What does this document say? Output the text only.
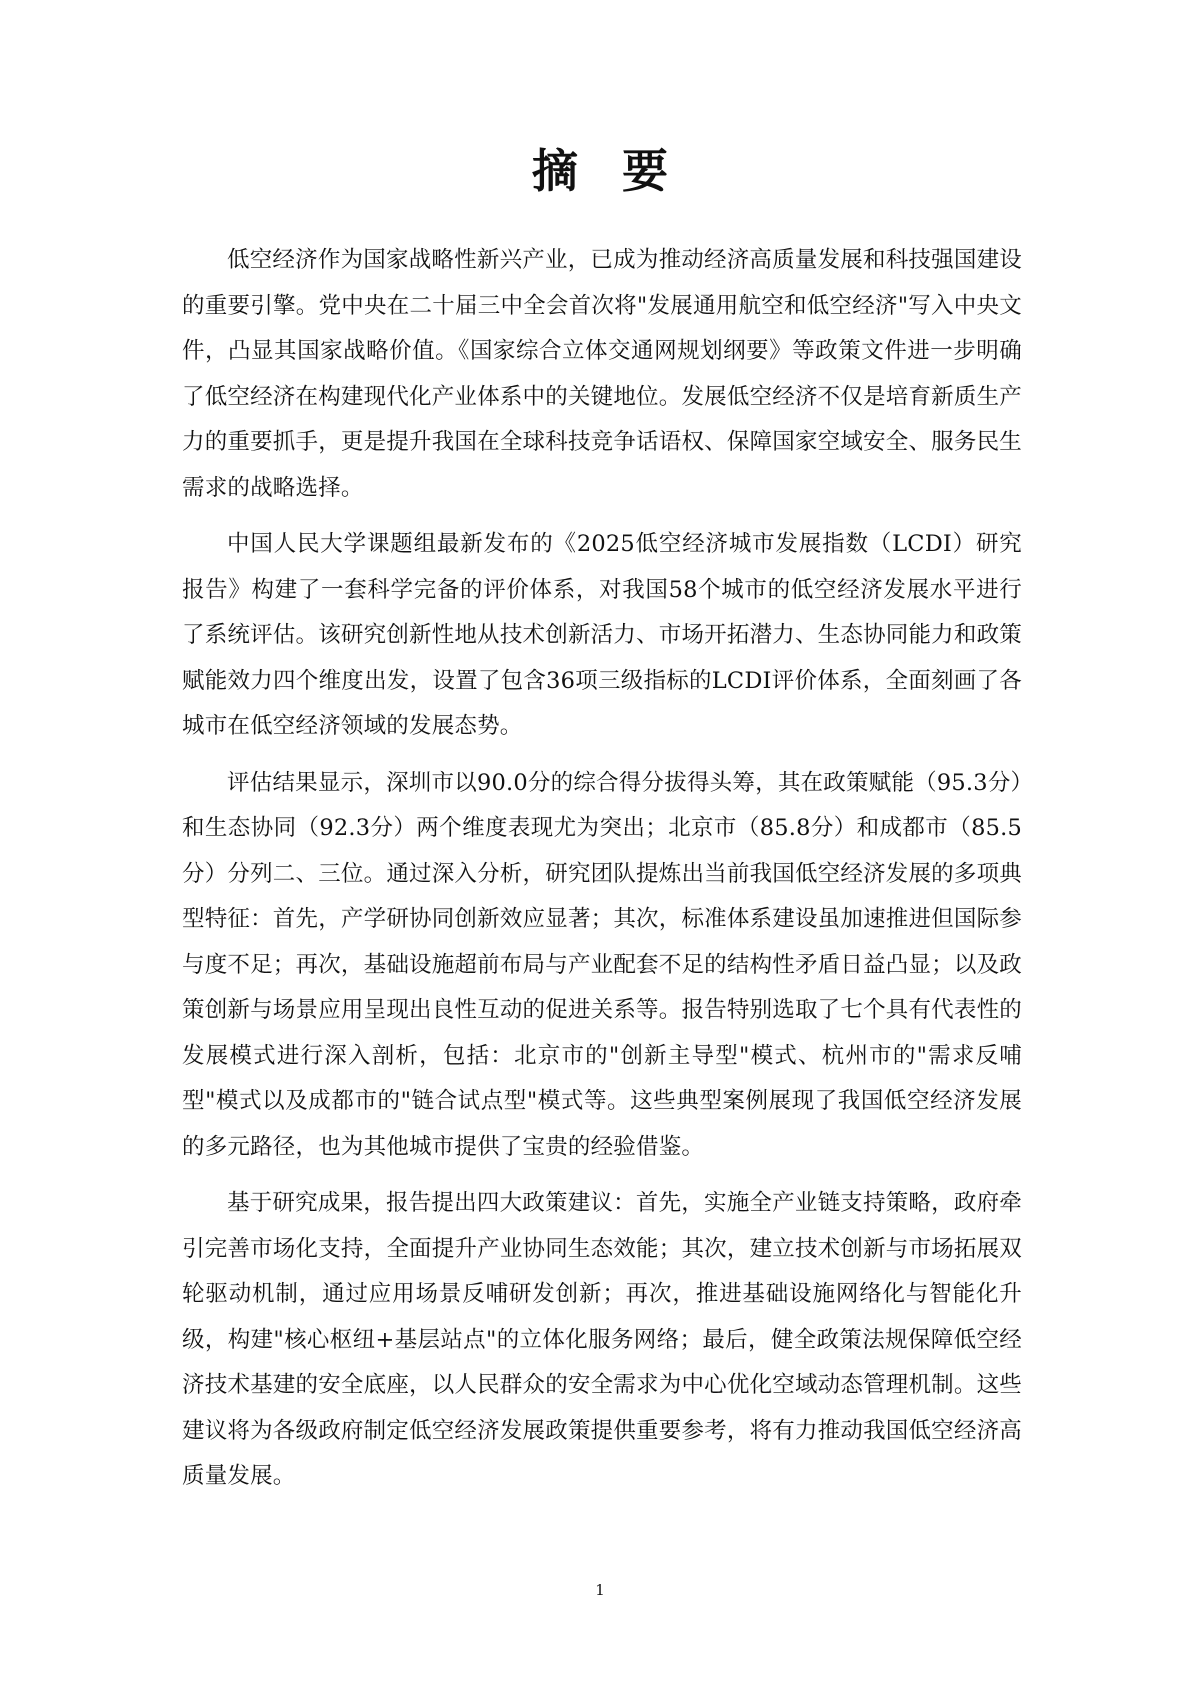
摘要

低空经济作为国家战略性新兴产业，已成为推动经济高质量发展和科技强国建设的重要引擎。党中央在二十届三中全会首次将"发展通用航空和低空经济"写入中央文件，凸显其国家战略价值。《国家综合立体交通网规划纲要》等政策文件进一步明确了低空经济在构建现代化产业体系中的关键地位。发展低空经济不仅是培育新质生产力的重要抓手，更是提升我国在全球科技竞争话语权、保障国家空域安全、服务民生需求的战略选择。

中国人民大学课题组最新发布的《2025低空经济城市发展指数（LCDI）研究报告》构建了一套科学完备的评价体系，对我国58个城市的低空经济发展水平进行了系统评估。该研究创新性地从技术创新活力、市场开拓潜力、生态协同能力和政策赋能效力四个维度出发，设置了包含36项三级指标的LCDI评价体系，全面刻画了各城市在低空经济领域的发展态势。

评估结果显示，深圳市以90.0分的综合得分拔得头筹，其在政策赋能（95.3分）和生态协同（92.3分）两个维度表现尤为突出；北京市（85.8分）和成都市（85.5分）分列二、三位。通过深入分析，研究团队提炼出当前我国低空经济发展的多项典型特征：首先，产学研协同创新效应显著；其次，标准体系建设虽加速推进但国际参与度不足；再次，基础设施超前布局与产业配套不足的结构性矛盾日益凸显；以及政策创新与场景应用呈现出良性互动的促进关系等。报告特别选取了七个具有代表性的发展模式进行深入剖析，包括：北京市的"创新主导型"模式、杭州市的"需求反哺型"模式以及成都市的"链合试点型"模式等。这些典型案例展现了我国低空经济发展的多元路径，也为其他城市提供了宝贵的经验借鉴。

基于研究成果，报告提出四大政策建议：首先，实施全产业链支持策略，政府牵引完善市场化支持，全面提升产业协同生态效能；其次，建立技术创新与市场拓展双轮驱动机制，通过应用场景反哺研发创新；再次，推进基础设施网络化与智能化升级，构建"核心枢纽+基层站点"的立体化服务网络；最后，健全政策法规保障低空经济技术基建的安全底座，以人民群众的安全需求为中心优化空域动态管理机制。这些建议将为各级政府制定低空经济发展政策提供重要参考，将有力推动我国低空经济高质量发展。

1
